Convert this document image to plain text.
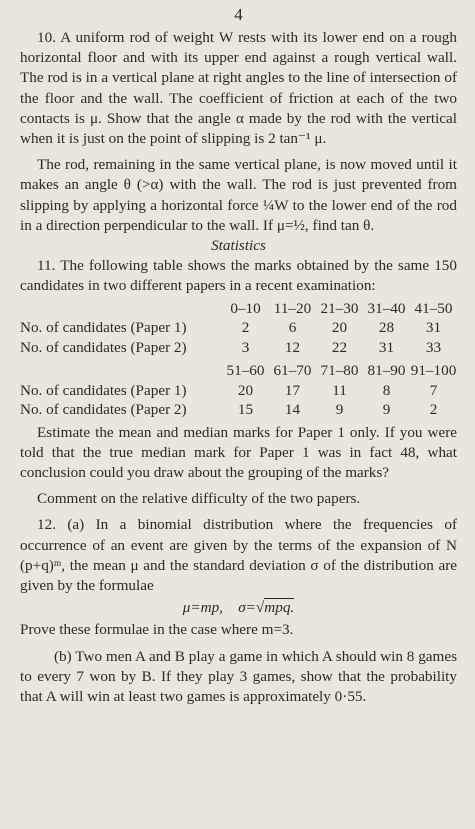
4

10. A uniform rod of weight W rests with its lower end on a rough horizontal floor and with its upper end against a rough vertical wall. The rod is in a vertical plane at right angles to the line of intersection of the floor and the wall. The coefficient of friction at each of the two contacts is μ. Show that the angle α made by the rod with the vertical when it is just on the point of slipping is 2 tan⁻¹ μ.

The rod, remaining in the same vertical plane, is now moved until it makes an angle θ (>α) with the wall. The rod is just prevented from slipping by applying a horizontal force ¼W to the lower end of the rod in a direction perpendicular to the wall. If μ=½, find tan θ.

Statistics

11. The following table shows the marks obtained by the same 150 candidates in two different papers in a recent examination:

	0–10	11–20	21–30	31–40	41–50
No. of candidates (Paper 1)	2	6	20	28	31
No. of candidates (Paper 2)	3	12	22	31	33
	51–60	61–70	71–80	81–90	91–100
No. of candidates (Paper 1)	20	17	11	8	7
No. of candidates (Paper 2)	15	14	9	9	2

Estimate the mean and median marks for Paper 1 only. If you were told that the true median mark for Paper 1 was in fact 48, what conclusion could you draw about the grouping of the marks?

Comment on the relative difficulty of the two papers.

12. (a) In a binomial distribution where the frequencies of occurrence of an event are given by the terms of the expansion of N (p+q)ᵐ, the mean μ and the standard deviation σ of the distribution are given by the formulae

μ=mp, σ=√mpq.

Prove these formulae in the case where m=3.

(b) Two men A and B play a game in which A should win 8 games to every 7 won by B. If they play 3 games, show that the probability that A will win at least two games is approximately 0·55.
